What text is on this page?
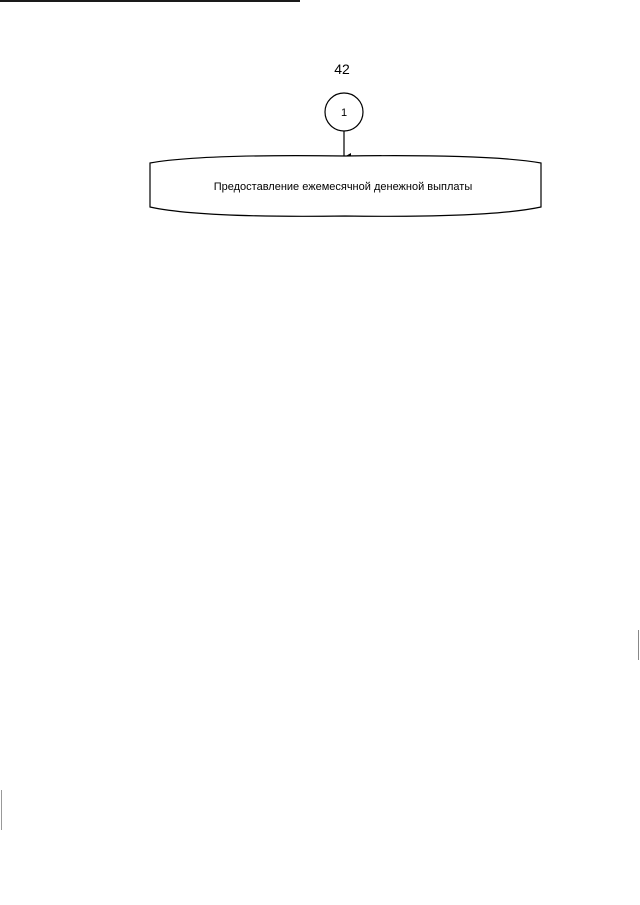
42
1
Предоставление ежемесячной денежной выплаты
